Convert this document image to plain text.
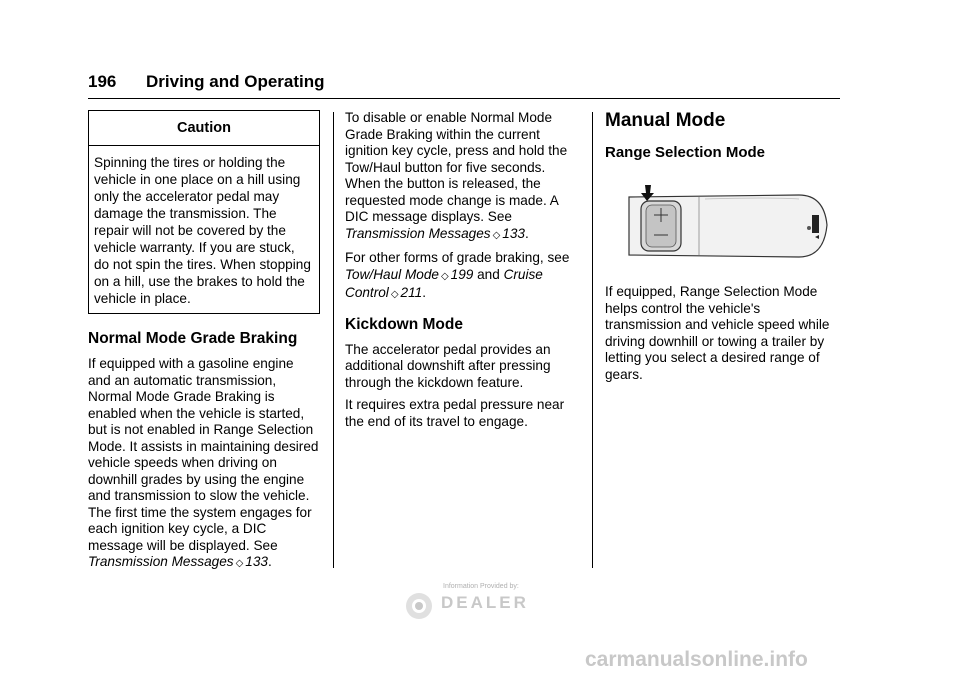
196 Driving and Operating
Caution
Spinning the tires or holding the vehicle in one place on a hill using only the accelerator pedal may damage the transmission. The repair will not be covered by the vehicle warranty. If you are stuck, do not spin the tires. When stopping on a hill, use the brakes to hold the vehicle in place.
Normal Mode Grade Braking

If equipped with a gasoline engine and an automatic transmission, Normal Mode Grade Braking is enabled when the vehicle is started, but is not enabled in Range Selection Mode. It assists in maintaining desired vehicle speeds when driving on downhill grades by using the engine and transmission to slow the vehicle. The first time the system engages for each ignition key cycle, a DIC message will be displayed. See Transmission Messages ◇ 133.

To disable or enable Normal Mode Grade Braking within the current ignition key cycle, press and hold the Tow/Haul button for five seconds. When the button is released, the requested mode change is made. A DIC message displays. See Transmission Messages ◇ 133.

For other forms of grade braking, see Tow/Haul Mode ◇ 199 and Cruise Control ◇ 211.

Kickdown Mode

The accelerator pedal provides an additional downshift after pressing through the kickdown feature.

It requires extra pedal pressure near the end of its travel to engage.

Manual Mode
Range Selection Mode

If equipped, Range Selection Mode helps control the vehicle's transmission and vehicle speed while driving downhill or towing a trailer by letting you select a desired range of gears.

Information Provided by:
DEALER
carmanualsonline.info
